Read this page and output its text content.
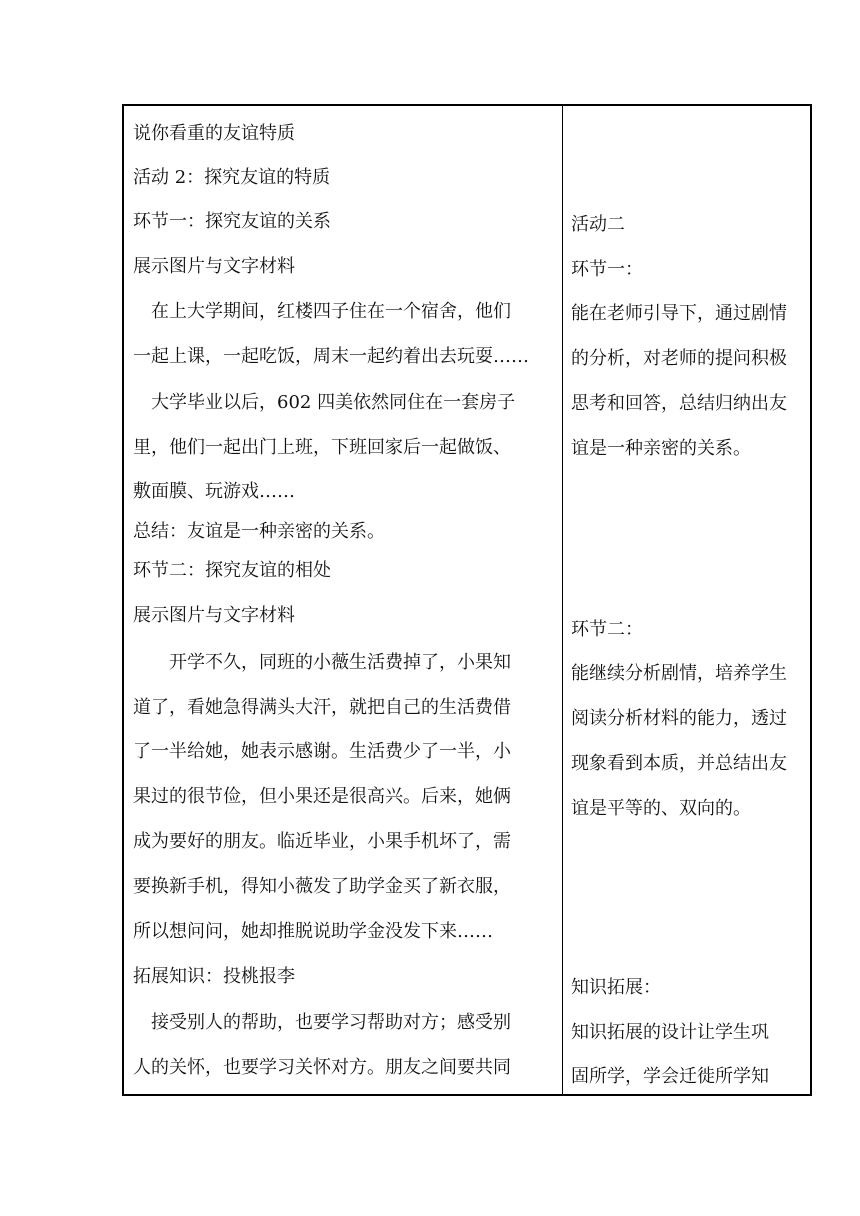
说你看重的友谊特质
活动 2：探究友谊的特质
环节一：探究友谊的关系
展示图片与文字材料
在上大学期间，红楼四子住在一个宿舍，他们
一起上课，一起吃饭，周末一起约着出去玩耍……
大学毕业以后，602 四美依然同住在一套房子
里，他们一起出门上班，下班回家后一起做饭、
敷面膜、玩游戏……
总结：友谊是一种亲密的关系。
环节二：探究友谊的相处
展示图片与文字材料
开学不久，同班的小薇生活费掉了，小果知
道了，看她急得满头大汗，就把自己的生活费借
了一半给她，她表示感谢。生活费少了一半，小
果过的很节俭，但小果还是很高兴。后来，她俩
成为要好的朋友。临近毕业，小果手机坏了，需
要换新手机，得知小薇发了助学金买了新衣服，
所以想问问，她却推脱说助学金没发下来……
拓展知识：投桃报李
接受别人的帮助，也要学习帮助对方；感受别
人的关怀，也要学习关怀对方。朋友之间要共同
活动二
环节一：
能在老师引导下，通过剧情
的分析，对老师的提问积极
思考和回答，总结归纳出友
谊是一种亲密的关系。
环节二：
能继续分析剧情，培养学生
阅读分析材料的能力，透过
现象看到本质，并总结出友
谊是平等的、双向的。
知识拓展：
知识拓展的设计让学生巩
固所学，学会迁徙所学知
